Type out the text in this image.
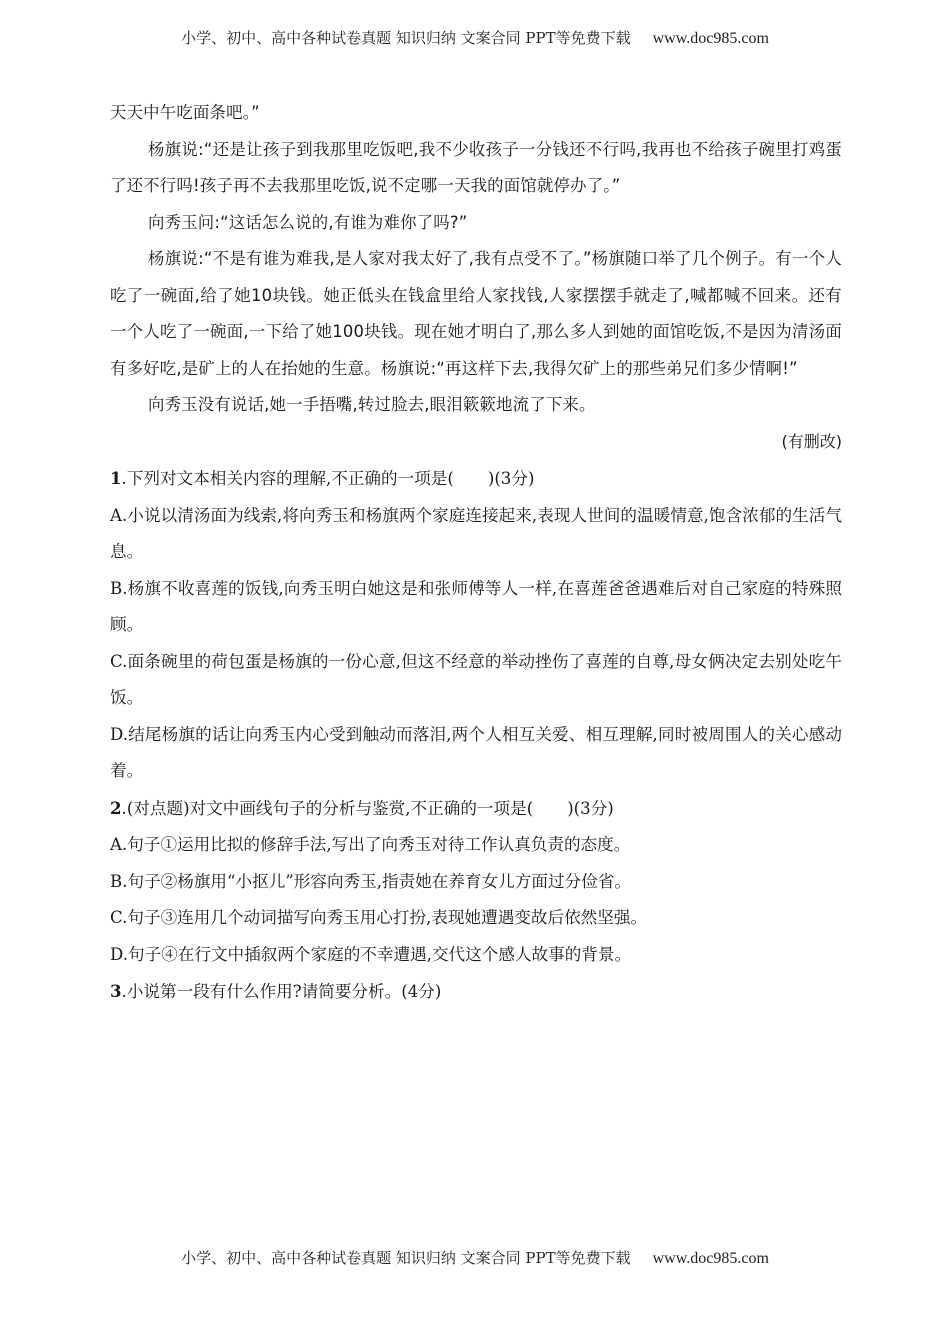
小学、初中、高中各种试卷真题 知识归纳 文案合同 PPT等免费下载 www.doc985.com

天天中午吃面条吧。”

杨旗说:“还是让孩子到我那里吃饭吧,我不少收孩子一分钱还不行吗,我再也不给孩子碗里打鸡蛋了还不行吗!孩子再不去我那里吃饭,说不定哪一天我的面馆就停办了。”

向秀玉问:“这话怎么说的,有谁为难你了吗?”

杨旗说:“不是有谁为难我,是人家对我太好了,我有点受不了。”杨旗随口举了几个例子。有一个人吃了一碗面,给了她10块钱。她正低头在钱盒里给人家找钱,人家摆摆手就走了,喊都喊不回来。还有一个人吃了一碗面,一下给了她100块钱。现在她才明白了,那么多人到她的面馆吃饭,不是因为清汤面有多好吃,是矿上的人在抬她的生意。杨旗说:“再这样下去,我得欠矿上的那些弟兄们多少情啊!”

向秀玉没有说话,她一手捂嘴,转过脸去,眼泪簌簌地流了下来。

(有删改)

1.下列对文本相关内容的理解,不正确的一项是( )(3分)

A.小说以清汤面为线索,将向秀玉和杨旗两个家庭连接起来,表现人世间的温暖情意,饱含浓郁的生活气息。

B.杨旗不收喜莲的饭钱,向秀玉明白她这是和张师傅等人一样,在喜莲爸爸遇难后对自己家庭的特殊照顾。

C.面条碗里的荷包蛋是杨旗的一份心意,但这不经意的举动挫伤了喜莲的自尊,母女俩决定去别处吃午饭。

D.结尾杨旗的话让向秀玉内心受到触动而落泪,两个人相互关爱、相互理解,同时被周围人的关心感动着。

2.(对点题)对文中画线句子的分析与鉴赏,不正确的一项是( )(3分)

A.句子①运用比拟的修辞手法,写出了向秀玉对待工作认真负责的态度。

B.句子②杨旗用“小抠儿”形容向秀玉,指责她在养育女儿方面过分俭省。

C.句子③连用几个动词描写向秀玉用心打扮,表现她遭遇变故后依然坚强。

D.句子④在行文中插叙两个家庭的不幸遭遇,交代这个感人故事的背景。

3.小说第一段有什么作用?请简要分析。(4分)
小学、初中、高中各种试卷真题 知识归纳 文案合同 PPT等免费下载 www.doc985.com
